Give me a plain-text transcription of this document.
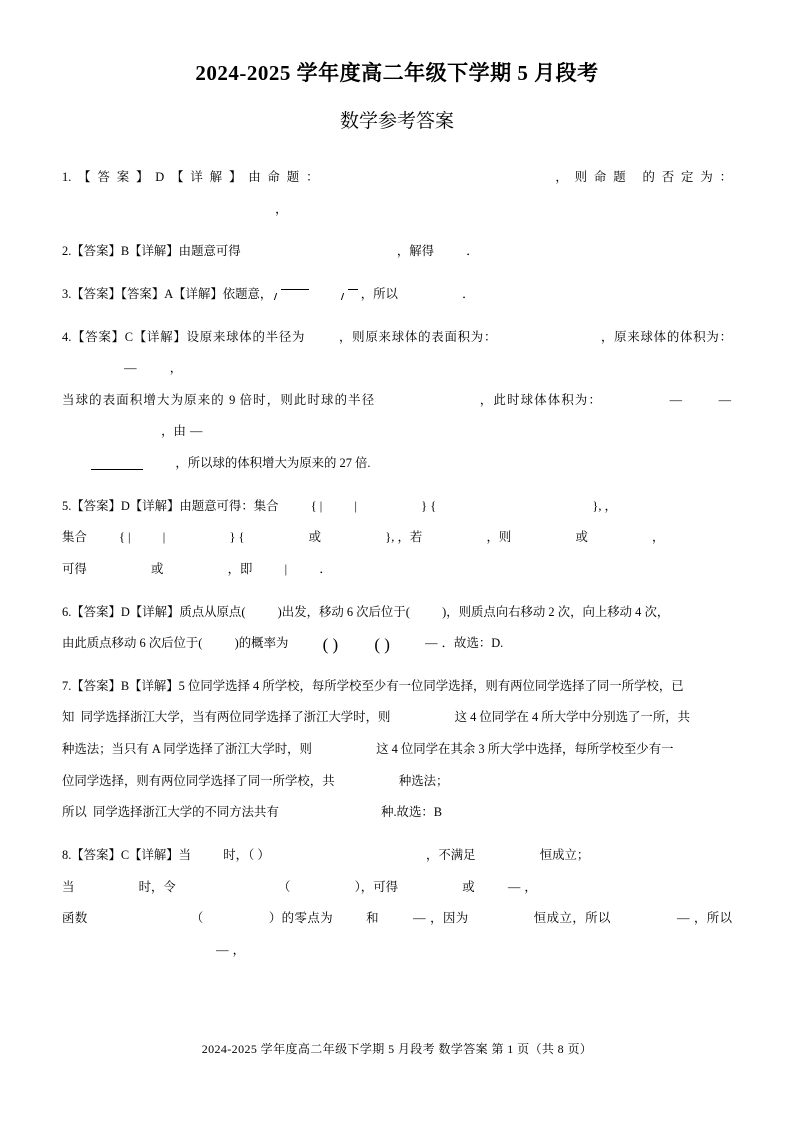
2024-2025 学年度高二年级下学期 5 月段考
数学参考答案

1.【答案】D【详解】由命题：	，则命题 的否定为：  ，

2.【答案】B【详解】由题意可得	，解得	．

3.【答案】【答案】A【详解】依题意，	，所以	．

4.【答案】C【详解】设原来球体的半径为	，则原来球体的表面积为：	，原来球体的体积为：  —	，

当球的表面积增大为原来的 9 倍时，则此时球的半径	，此时球体体积为：	—	—  ，由 —

，所以球的体积增大为原来的 27 倍.

5.【答案】D【详解】由题意可得：集合	{ |	|	} {	}, ，

集合	{ |	|	} {	或	}, ，若	，则	或	，

可得	或	，即	|	．

6.【答案】D【详解】质点从原点(	)出发，移动 6 次后位于(	)，则质点向右移动 2 次，向上移动 4 次，

由此质点移动 6 次后位于(	)的概率为 ( ) ( )	— ．故选：D.

7.【答案】B【详解】5 位同学选择 4 所学校，每所学校至少有一位同学选择，则有两位同学选择了同一所学校，已

知  同学选择浙江大学，当有两位同学选择了浙江大学时，则	这 4 位同学在 4 所大学中分别选了一所，共

种选法；当只有 A 同学选择了浙江大学时，则	这 4 位同学在其余 3 所大学中选择，每所学校至少有一

位同学选择，则有两位同学选择了同一所学校，共	种选法；

所以  同学选择浙江大学的不同方法共有	种.故选：B

8.【答案】C【详解】当	时，（ ）	，不满足	恒成立；

当	时，令	（	），可得	或	— ，

函数	（	）的零点为	和	— ，因为	恒成立，所以	— ，所以  — ，

2024-2025 学年度高二年级下学期 5 月段考 数学答案 第 1 页（共 8 页）
